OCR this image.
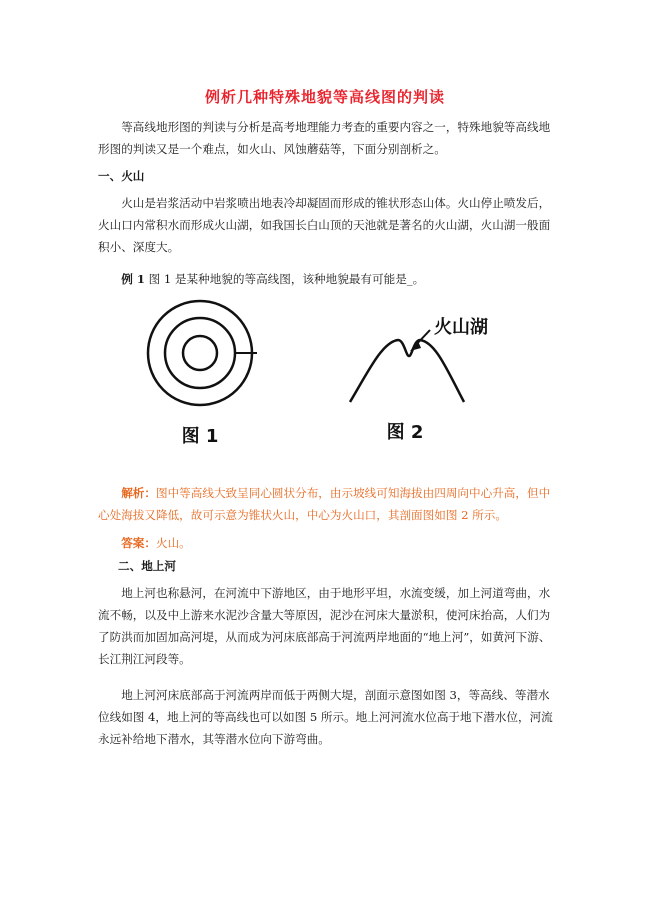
例析几种特殊地貌等高线图的判读
等高线地形图的判读与分析是高考地理能力考查的重要内容之一，特殊地貌等高线地形图的判读又是一个难点，如火山、风蚀蘑菇等，下面分别剖析之。
一、火山
火山是岩浆活动中岩浆喷出地表冷却凝固而形成的锥状形态山体。火山停止喷发后，火山口内常积水而形成火山湖，如我国长白山顶的天池就是著名的火山湖，火山湖一般面积小、深度大。
例 1 图 1 是某种地貌的等高线图，该种地貌最有可能是_。
图 1
火山湖
图 2
解析：图中等高线大致呈同心圆状分布，由示坡线可知海拔由四周向中心升高，但中心处海拔又降低，故可示意为锥状火山，中心为火山口，其剖面图如图 2 所示。
答案：火山。
二、地上河
地上河也称悬河，在河流中下游地区，由于地形平坦，水流变缓，加上河道弯曲，水流不畅，以及中上游来水泥沙含量大等原因，泥沙在河床大量淤积，使河床抬高，人们为了防洪而加固加高河堤，从而成为河床底部高于河流两岸地面的“地上河”，如黄河下游、长江荆江河段等。
地上河河床底部高于河流两岸而低于两侧大堤，剖面示意图如图 3，等高线、等潜水位线如图 4，地上河的等高线也可以如图 5 所示。地上河河流水位高于地下潜水位，河流永远补给地下潜水，其等潜水位向下游弯曲。
